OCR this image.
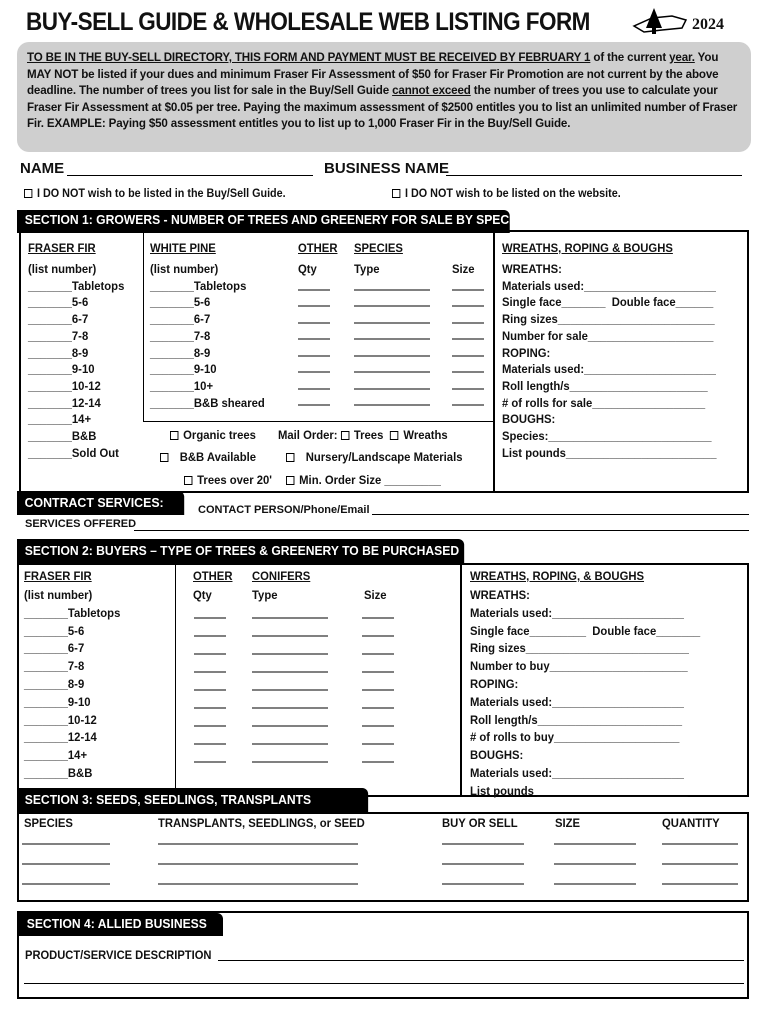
BUY-SELL GUIDE & WHOLESALE WEB LISTING FORM	2024
TO BE IN THE BUY-SELL DIRECTORY, THIS FORM AND PAYMENT MUST BE RECEIVED BY FEBRUARY 1 of the current year. You MAY NOT be listed if your dues and minimum Fraser Fir Assessment of $50 for Fraser Fir Promotion are not current by the above deadline. The number of trees you list for sale in the Buy/Sell Guide cannot exceed the number of trees you use to calculate your Fraser Fir Assessment at $0.05 per tree. Paying the maximum assessment of $2500 entitles you to list an unlimited number of Fraser Fir. EXAMPLE: Paying $50 assessment entitles you to list up to 1,000 Fraser Fir in the Buy/Sell Guide.
NAME	BUSINESS NAME
I DO NOT wish to be listed in the Buy/Sell Guide.	I DO NOT wish to be listed on the website.
SECTION 1: GROWERS - NUMBER OF TREES AND GREENERY FOR SALE BY SPECIES
FRASER FIR
(list number)
_______Tabletops
_______5-6
_______6-7
_______7-8
_______8-9
_______9-10
_______10-12
_______12-14
_______14+
_______B&B
_______Sold Out
WHITE PINE
(list number)
_______Tabletops
_______5-6
_______6-7
_______7-8
_______8-9
_______9-10
_______10+
_______B&B sheared
OTHER SPECIES
Qty	Type	Size
WREATHS, ROPING & BOUGHS
WREATHS:
Materials used:_____________________
Single face_______  Double face______
Ring sizes_________________________
Number for sale____________________
ROPING:
Materials used:_____________________
Roll length/s______________________
# of rolls for sale__________________
BOUGHS:
Species:__________________________
List pounds________________________
Organic trees Mail Order: Trees Wreaths
B&B Available	Nursery/Landscape Materials
Trees over 20'	Min. Order Size _________
CONTRACT SERVICES:	CONTACT PERSON/Phone/Email
SERVICES OFFERED
SECTION 2: BUYERS – TYPE OF TREES & GREENERY TO BE PURCHASED
FRASER FIR
(list number)
_______Tabletops
_______5-6
_______6-7
_______7-8
_______8-9
_______9-10
_______10-12
_______12-14
_______14+
_______B&B
OTHER CONIFERS
Qty	Type	Size
WREATHS, ROPING, & BOUGHS
WREATHS:
Materials used:_____________________
Single face_________  Double face_______
Ring sizes__________________________
Number to buy______________________
ROPING:
Materials used:_____________________
Roll length/s_______________________
# of rolls to buy____________________
BOUGHS:
Materials used:_____________________
List pounds ________________________
SECTION 3: SEEDS, SEEDLINGS, TRANSPLANTS
SPECIES	TRANSPLANTS, SEEDLINGS, or SEED	BUY OR SELL	SIZE	QUANTITY
SECTION 4: ALLIED BUSINESS
PRODUCT/SERVICE DESCRIPTION
